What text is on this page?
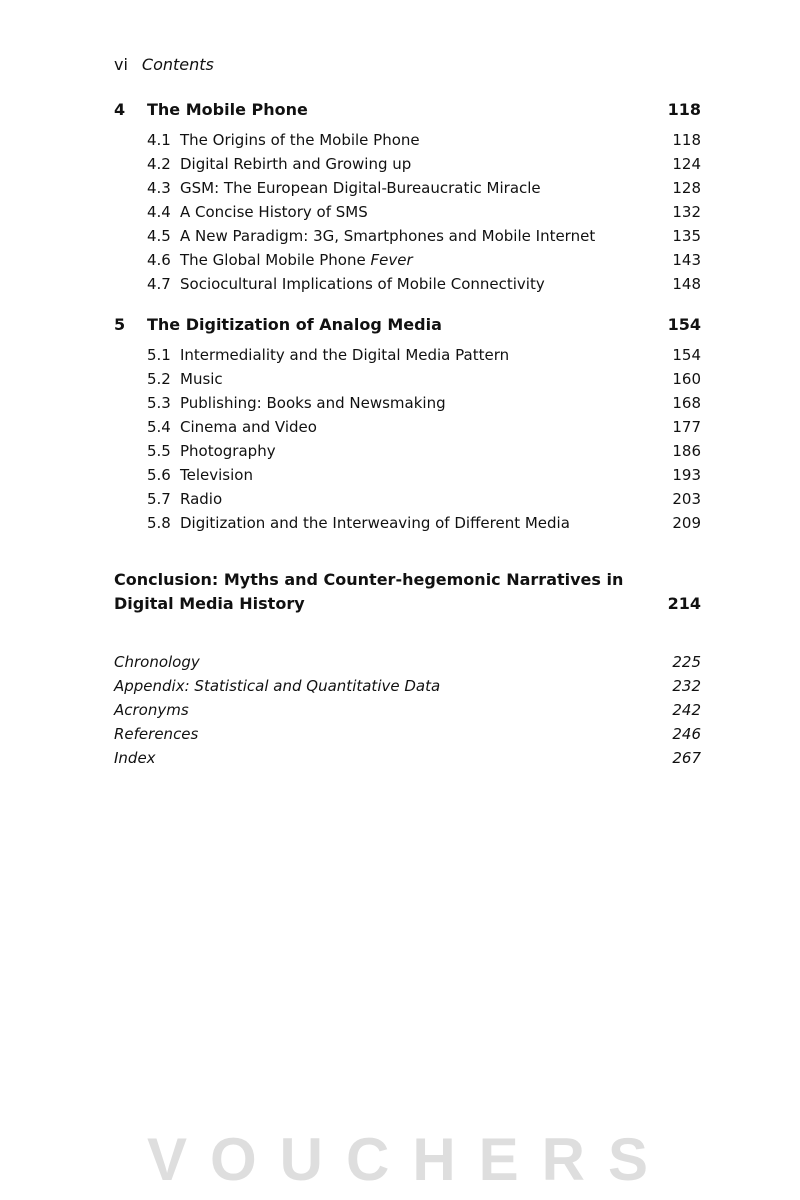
vi Contents
4 The Mobile Phone	118
4.1 The Origins of the Mobile Phone	118
4.2 Digital Rebirth and Growing up	124
4.3 GSM: The European Digital-Bureaucratic Miracle	128
4.4 A Concise History of SMS	132
4.5 A New Paradigm: 3G, Smartphones and Mobile Internet	135
4.6 The Global Mobile Phone Fever	143
4.7 Sociocultural Implications of Mobile Connectivity	148
5 The Digitization of Analog Media	154
5.1 Intermediality and the Digital Media Pattern	154
5.2 Music	160
5.3 Publishing: Books and Newsmaking	168
5.4 Cinema and Video	177
5.5 Photography	186
5.6 Television	193
5.7 Radio	203
5.8 Digitization and the Interweaving of Different Media	209
Conclusion: Myths and Counter-hegemonic Narratives in
Digital Media History	214
Chronology	225
Appendix: Statistical and Quantitative Data	232
Acronyms	242
References	246
Index	267
VOUCHERS
